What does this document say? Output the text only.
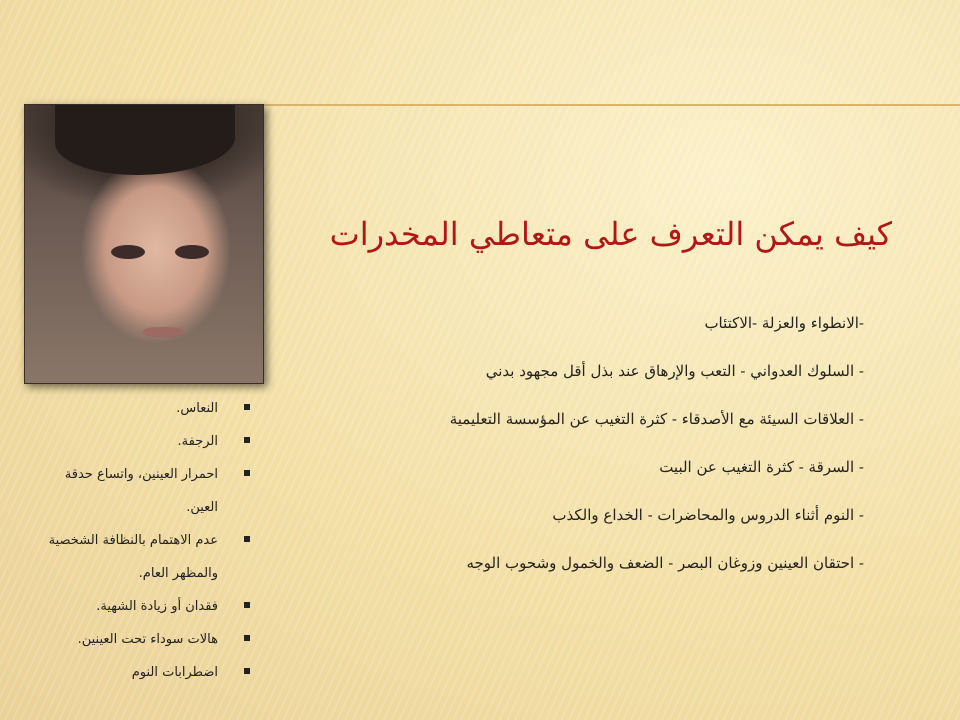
كيف يمكن التعرف على متعاطي المخدرات
-الانطواء والعزلة -الاكتئاب
- السلوك العدواني - التعب والإرهاق عند بذل أقل مجهود بدني
- العلاقات السيئة مع الأصدقاء - كثرة التغيب عن المؤسسة التعليمية
- السرقة - كثرة التغيب عن البيت
- النوم أثناء الدروس والمحاضرات - الخداع والكذب
- احتقان العينين وزوغان البصر - الضعف والخمول وشحوب الوجه
النعاس.
الرجفة.
احمرار العينين، واتساع حدقة العين.
عدم الاهتمام بالنظافة الشخصية والمظهر العام.
فقدان أو زيادة الشهية.
هالات سوداء تحت العينين.
اضطرابات النوم
